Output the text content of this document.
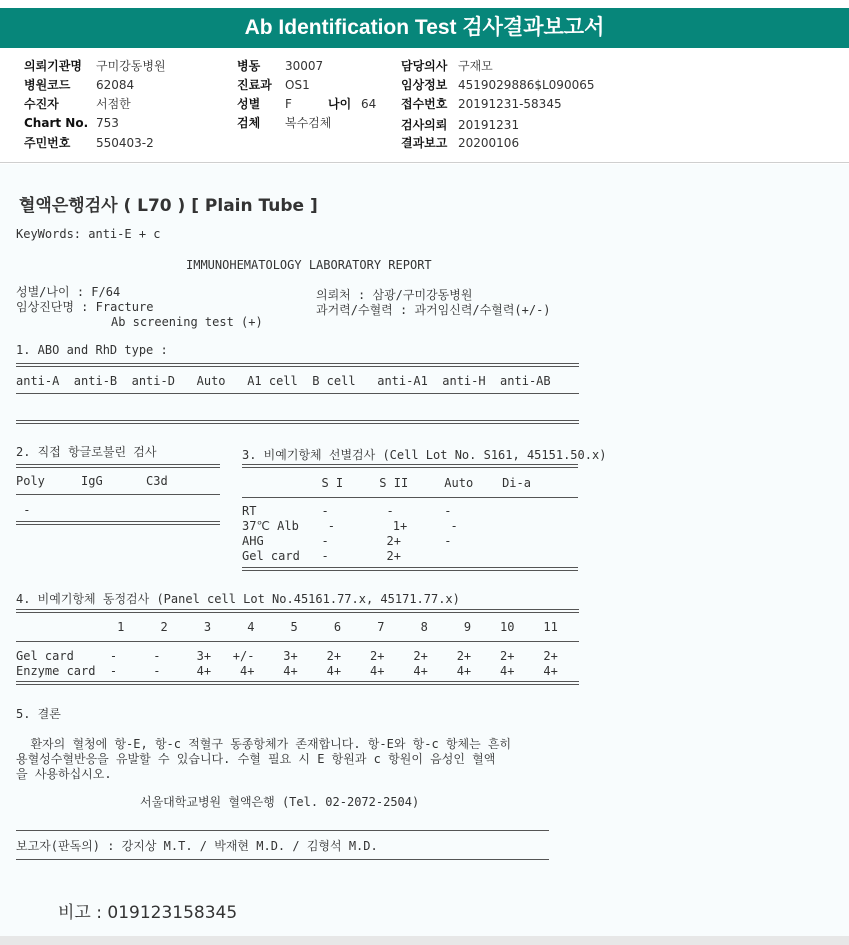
Ab Identification Test 검사결과보고서
의뢰기관명 구미강동병원
병원코드 62084
수진자	서점한
Chart No. 753
주민번호 550403-2
병동 30007
진료과 OS1
성별 F	나이 64
검체 복수검체
담당의사 구재모
임상정보 4519029886$L090065
접수번호 20191231-58345
검사의뢰 20191231
결과보고 20200106
혈액은행검사 ( L70 ) [ Plain Tube ]
KeyWords: anti-E + c
IMMUNOHEMATOLOGY LABORATORY REPORT
성별/나이 : F/64
임상진단명 : Fracture
Ab screening test (+)
의뢰처 : 삼광/구미강동병원
과거력/수혈력 : 과거임신력/수혈력(+/-)
1. ABO and RhD type :
anti-A  anti-B  anti-D   Auto   A1 cell  B cell   anti-A1  anti-H  anti-AB
2. 직접 항글로불린 검사
Poly     IgG      C3d
-
3. 비예기항체 선별검사 (Cell Lot No. S161, 45151.50.x)
S I     S II     Auto    Di-a
RT         -        -       -
37℃ Alb    -        1+      -
AHG        -        2+      -
Gel card   -        2+
4. 비예기항체 동정검사 (Panel cell Lot No.45161.77.x, 45171.77.x)
1     2     3     4     5     6     7     8     9    10    11
Gel card     -     -     3+   +/-    3+    2+    2+    2+    2+    2+    2+
Enzyme card  -     -     4+    4+    4+    4+    4+    4+    4+    4+    4+
5. 결론
환자의 혈청에 항-E, 항-c 적혈구 동종항체가 존재합니다. 항-E와 항-c 항체는 흔히
용혈성수혈반응을 유발할 수 있습니다. 수혈 필요 시 E 항원과 c 항원이 음성인 혈액
을 사용하십시오.
서울대학교병원 혈액은행 (Tel. 02-2072-2504)
보고자(판독의) : 강지상 M.T. / 박재현 M.D. / 김형석 M.D.
비고 : 019123158345
